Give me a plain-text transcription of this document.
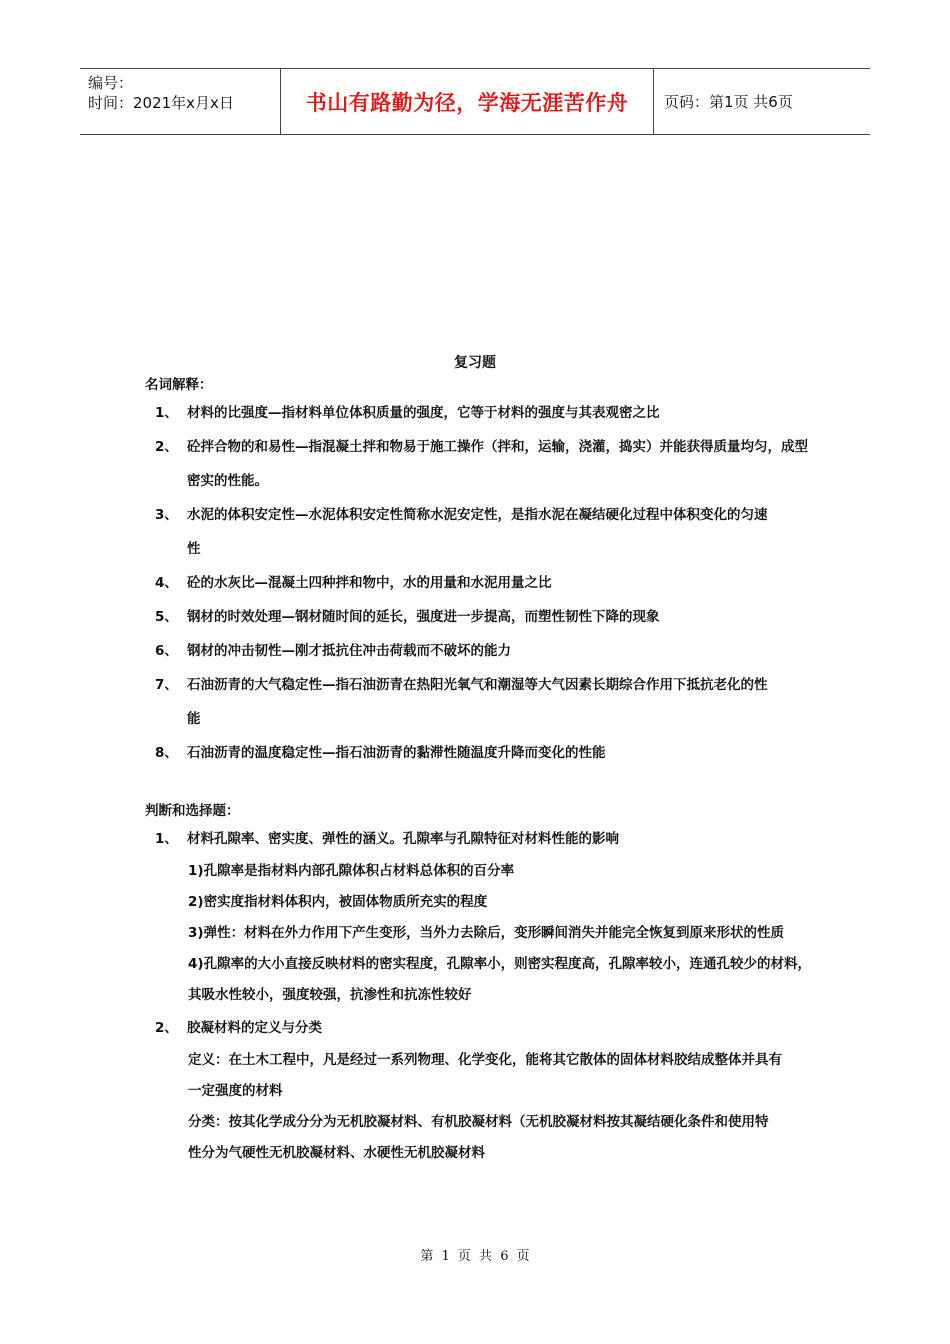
编号：
时间：2021年x月x日	书山有路勤为径，学海无涯苦作舟	页码：第1页 共6页
复习题
名词解释：
1、 材料的比强度—指材料单位体积质量的强度，它等于材料的强度与其表观密之比
2、 砼拌合物的和易性—指混凝土拌和物易于施工操作（拌和，运输，浇灌，捣实）并能获得质量均匀，成型
密实的性能。
3、 水泥的体积安定性—水泥体积安定性简称水泥安定性，是指水泥在凝结硬化过程中体积变化的匀速
性
4、 砼的水灰比—混凝土四种拌和物中，水的用量和水泥用量之比
5、 钢材的时效处理—钢材随时间的延长，强度进一步提高，而塑性韧性下降的现象
6、 钢材的冲击韧性—刚才抵抗住冲击荷载而不破坏的能力
7、 石油沥青的大气稳定性—指石油沥青在热阳光氧气和潮湿等大气因素长期综合作用下抵抗老化的性
能
8、 石油沥青的温度稳定性—指石油沥青的黏滞性随温度升降而变化的性能
判断和选择题：
1、 材料孔隙率、密实度、弹性的涵义。孔隙率与孔隙特征对材料性能的影响
1)孔隙率是指材料内部孔隙体积占材料总体积的百分率
2)密实度指材料体积内，被固体物质所充实的程度
3)弹性：材料在外力作用下产生变形，当外力去除后，变形瞬间消失并能完全恢复到原来形状的性质
4)孔隙率的大小直接反映材料的密实程度，孔隙率小，则密实程度高，孔隙率较小，连通孔较少的材料，
其吸水性较小，强度较强，抗渗性和抗冻性较好
2、 胶凝材料的定义与分类
定义：在土木工程中，凡是经过一系列物理、化学变化，能将其它散体的固体材料胶结成整体并具有
一定强度的材料
分类：按其化学成分分为无机胶凝材料、有机胶凝材料（无机胶凝材料按其凝结硬化条件和使用特
性分为气硬性无机胶凝材料、水硬性无机胶凝材料
第 1 页 共 6 页
